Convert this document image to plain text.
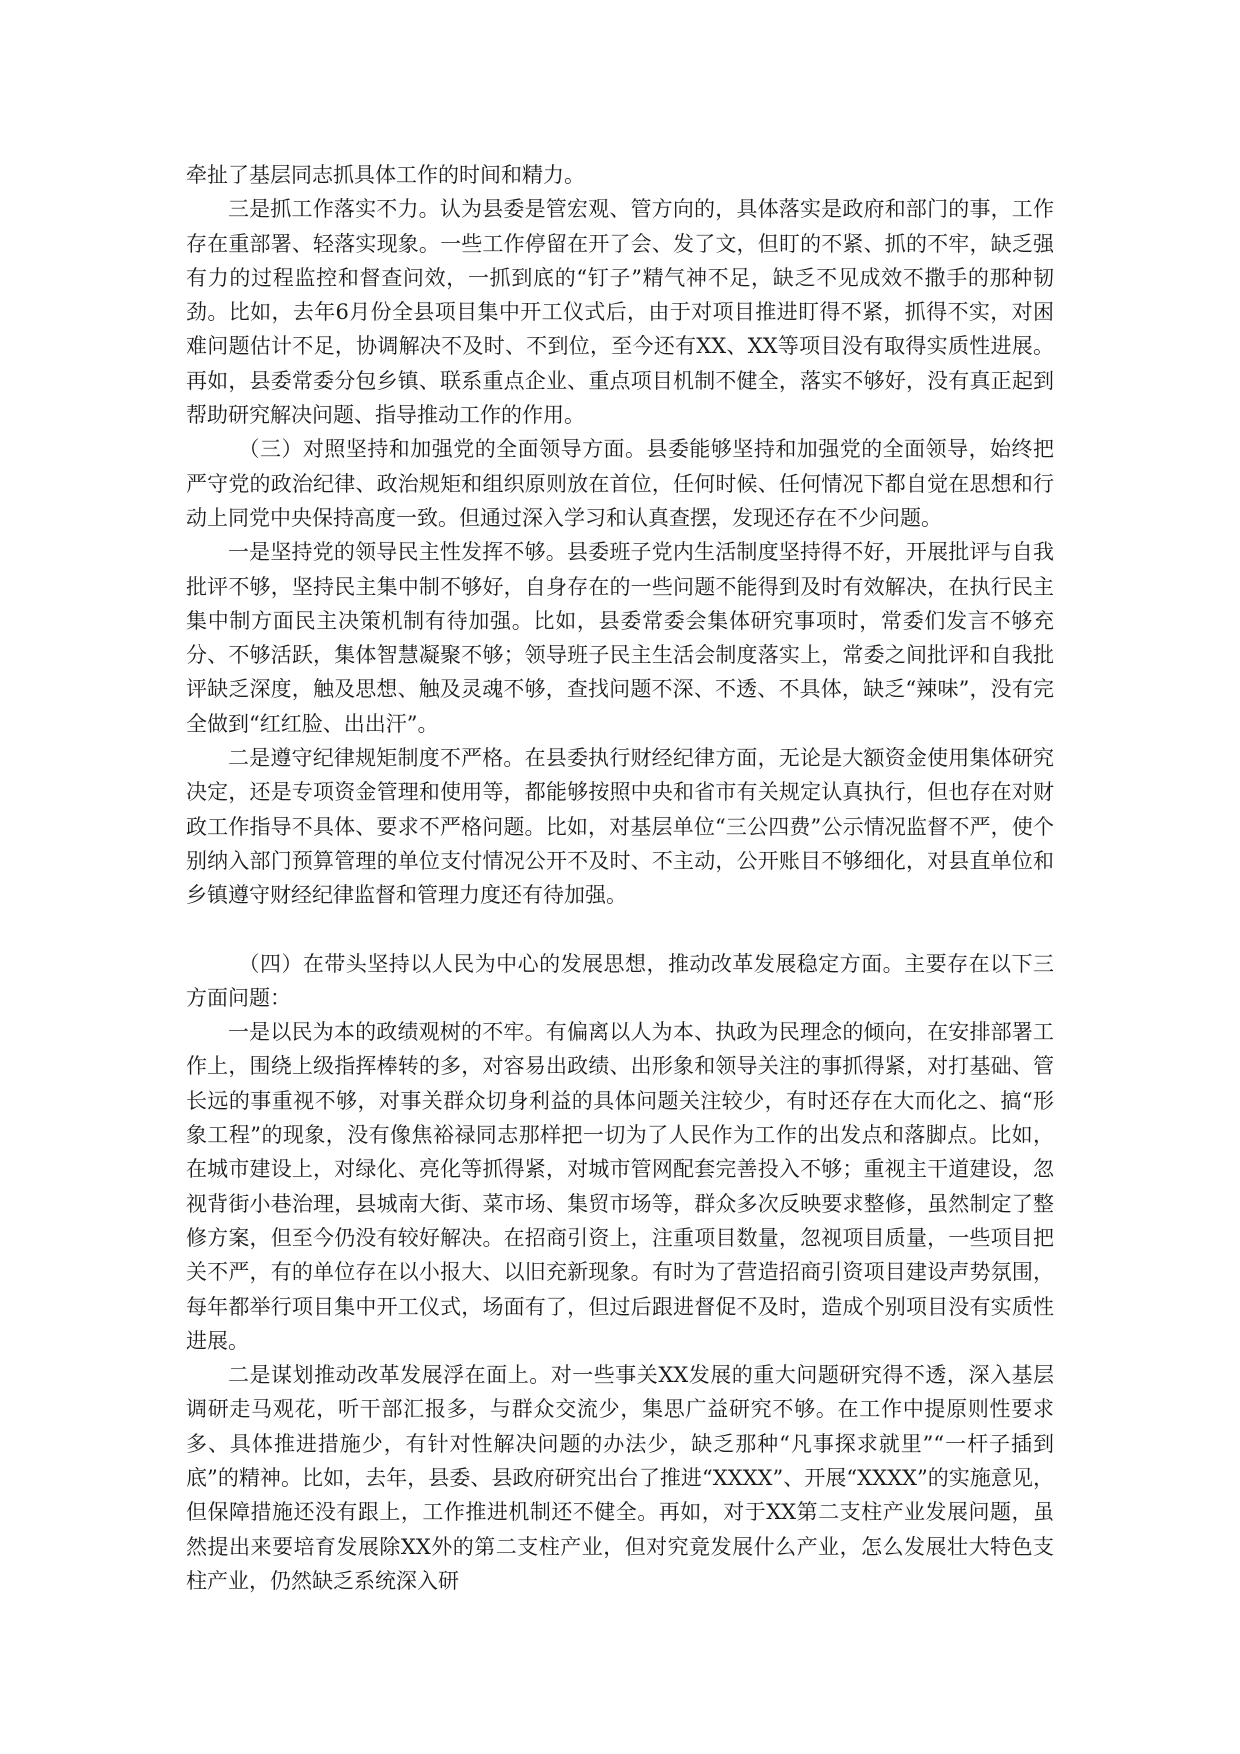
牵扯了基层同志抓具体工作的时间和精力。

三是抓工作落实不力。认为县委是管宏观、管方向的，具体落实是政府和部门的事，工作存在重部署、轻落实现象。一些工作停留在开了会、发了文，但盯的不紧、抓的不牢，缺乏强有力的过程监控和督查问效，一抓到底的“钉子”精气神不足，缺乏不见成效不撒手的那种韧劲。比如，去年6月份全县项目集中开工仪式后，由于对项目推进盯得不紧，抓得不实，对困难问题估计不足，协调解决不及时、不到位，至今还有XX、XX等项目没有取得实质性进展。再如，县委常委分包乡镇、联系重点企业、重点项目机制不健全，落实不够好，没有真正起到帮助研究解决问题、指导推动工作的作用。

（三）对照坚持和加强党的全面领导方面。县委能够坚持和加强党的全面领导，始终把严守党的政治纪律、政治规矩和组织原则放在首位，任何时候、任何情况下都自觉在思想和行动上同党中央保持高度一致。但通过深入学习和认真查摆，发现还存在不少问题。

一是坚持党的领导民主性发挥不够。县委班子党内生活制度坚持得不好，开展批评与自我批评不够，坚持民主集中制不够好，自身存在的一些问题不能得到及时有效解决，在执行民主集中制方面民主决策机制有待加强。比如，县委常委会集体研究事项时，常委们发言不够充分、不够活跃，集体智慧凝聚不够；领导班子民主生活会制度落实上，常委之间批评和自我批评缺乏深度，触及思想、触及灵魂不够，查找问题不深、不透、不具体，缺乏“辣味”，没有完全做到“红红脸、出出汗”。

二是遵守纪律规矩制度不严格。在县委执行财经纪律方面，无论是大额资金使用集体研究决定，还是专项资金管理和使用等，都能够按照中央和省市有关规定认真执行，但也存在对财政工作指导不具体、要求不严格问题。比如，对基层单位“三公四费”公示情况监督不严，使个别纳入部门预算管理的单位支付情况公开不及时、不主动，公开账目不够细化，对县直单位和乡镇遵守财经纪律监督和管理力度还有待加强。

（四）在带头坚持以人民为中心的发展思想，推动改革发展稳定方面。主要存在以下三方面问题：

一是以民为本的政绩观树的不牢。有偏离以人为本、执政为民理念的倾向，在安排部署工作上，围绕上级指挥棒转的多，对容易出政绩、出形象和领导关注的事抓得紧，对打基础、管长远的事重视不够，对事关群众切身利益的具体问题关注较少，有时还存在大而化之、搞“形象工程”的现象，没有像焦裕禄同志那样把一切为了人民作为工作的出发点和落脚点。比如，在城市建设上，对绿化、亮化等抓得紧，对城市管网配套完善投入不够；重视主干道建设，忽视背街小巷治理，县城南大街、菜市场、集贸市场等，群众多次反映要求整修，虽然制定了整修方案，但至今仍没有较好解决。在招商引资上，注重项目数量，忽视项目质量，一些项目把关不严，有的单位存在以小报大、以旧充新现象。有时为了营造招商引资项目建设声势氛围，每年都举行项目集中开工仪式，场面有了，但过后跟进督促不及时，造成个别项目没有实质性进展。

二是谋划推动改革发展浮在面上。对一些事关XX发展的重大问题研究得不透，深入基层调研走马观花，听干部汇报多，与群众交流少，集思广益研究不够。在工作中提原则性要求多、具体推进措施少，有针对性解决问题的办法少，缺乏那种“凡事探求就里”“一杆子插到底”的精神。比如，去年，县委、县政府研究出台了推进“XXXX”、开展“XXXX”的实施意见，但保障措施还没有跟上，工作推进机制还不健全。再如，对于XX第二支柱产业发展问题，虽然提出来要培育发展除XX外的第二支柱产业，但对究竟发展什么产业，怎么发展壮大特色支柱产业，仍然缺乏系统深入研
